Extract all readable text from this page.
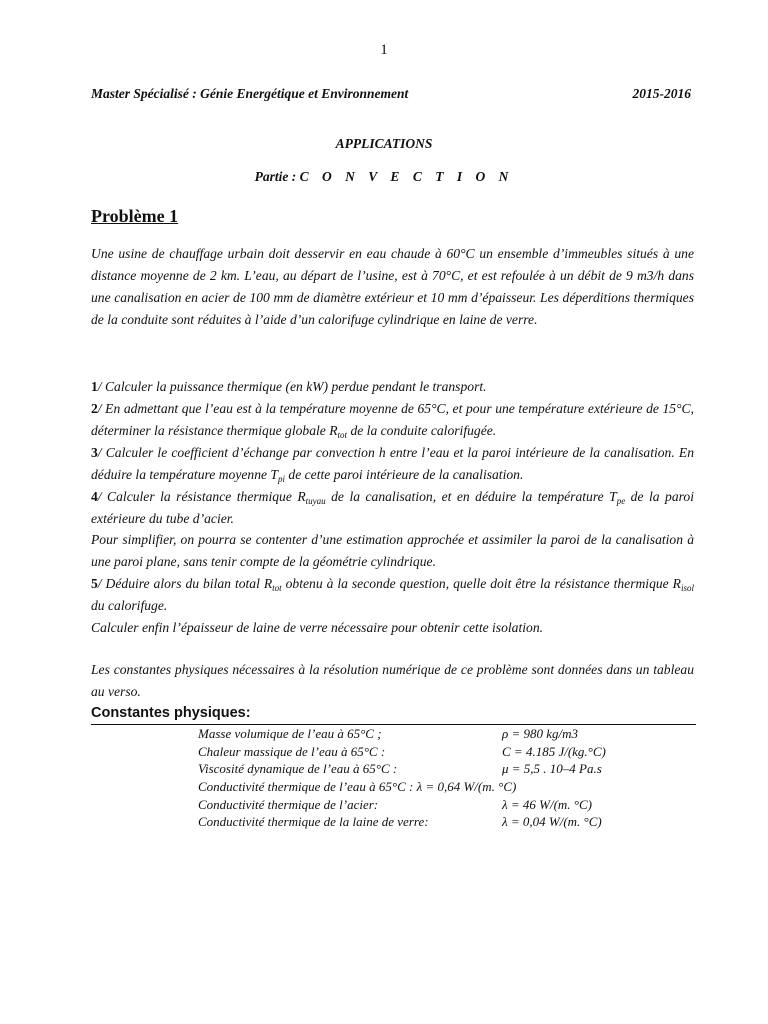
1
Master Spécialisé : Génie Energétique et Environnement	2015-2016
APPLICATIONS
Partie : C O N V E C T I O N
Problème 1
Une usine de chauffage urbain doit desservir en eau chaude à 60°C un ensemble d’immeubles situés à une distance moyenne de 2 km. L’eau, au départ de l’usine, est à 70°C, et est refoulée à un débit de 9 m3/h dans une canalisation en acier de 100 mm de diamètre extérieur et 10 mm d’épaisseur. Les déperditions thermiques de la conduite sont réduites à l’aide d’un calorifuge cylindrique en laine de verre.
1/ Calculer la puissance thermique (en kW) perdue pendant le transport.
2/ En admettant que l’eau est à la température moyenne de 65°C, et pour une température extérieure de 15°C, déterminer la résistance thermique globale $R_{tot}$ de la conduite calorifugée.
3/ Calculer le coefficient d’échange par convection h entre l’eau et la paroi intérieure de la canalisation. En déduire la température moyenne $T_{pi}$ de cette paroi intérieure de la canalisation.
4/ Calculer la résistance thermique $R_{tuyau}$ de la canalisation, et en déduire la température $T_{pe}$ de la paroi extérieure du tube d’acier.
Pour simplifier, on pourra se contenter d’une estimation approchée et assimiler la paroi de la canalisation à une paroi plane, sans tenir compte de la géométrie cylindrique.
5/ Déduire alors du bilan total $R_{tot}$ obtenu à la seconde question, quelle doit être la résistance thermique $R_{isol}$ du calorifuge.
Calculer enfin l’épaisseur de laine de verre nécessaire pour obtenir cette isolation.
Les constantes physiques nécessaires à la résolution numérique de ce problème sont données dans un tableau au verso.
Constantes physiques:
Masse volumique de l’eau à 65°C ;	ρ = 980 kg/m3
Chaleur massique de l’eau à 65°C :	C = 4.185 J/(kg.°C)
Viscosité dynamique de l’eau à 65°C :	μ = 5,5 . 10–4 Pa.s
Conductivité thermique de l’eau à 65°C : λ = 0,64 W/(m. °C)
Conductivité thermique de l’acier:	λ = 46 W/(m. °C)
Conductivité thermique de la laine de verre:	λ = 0,04 W/(m. °C)
